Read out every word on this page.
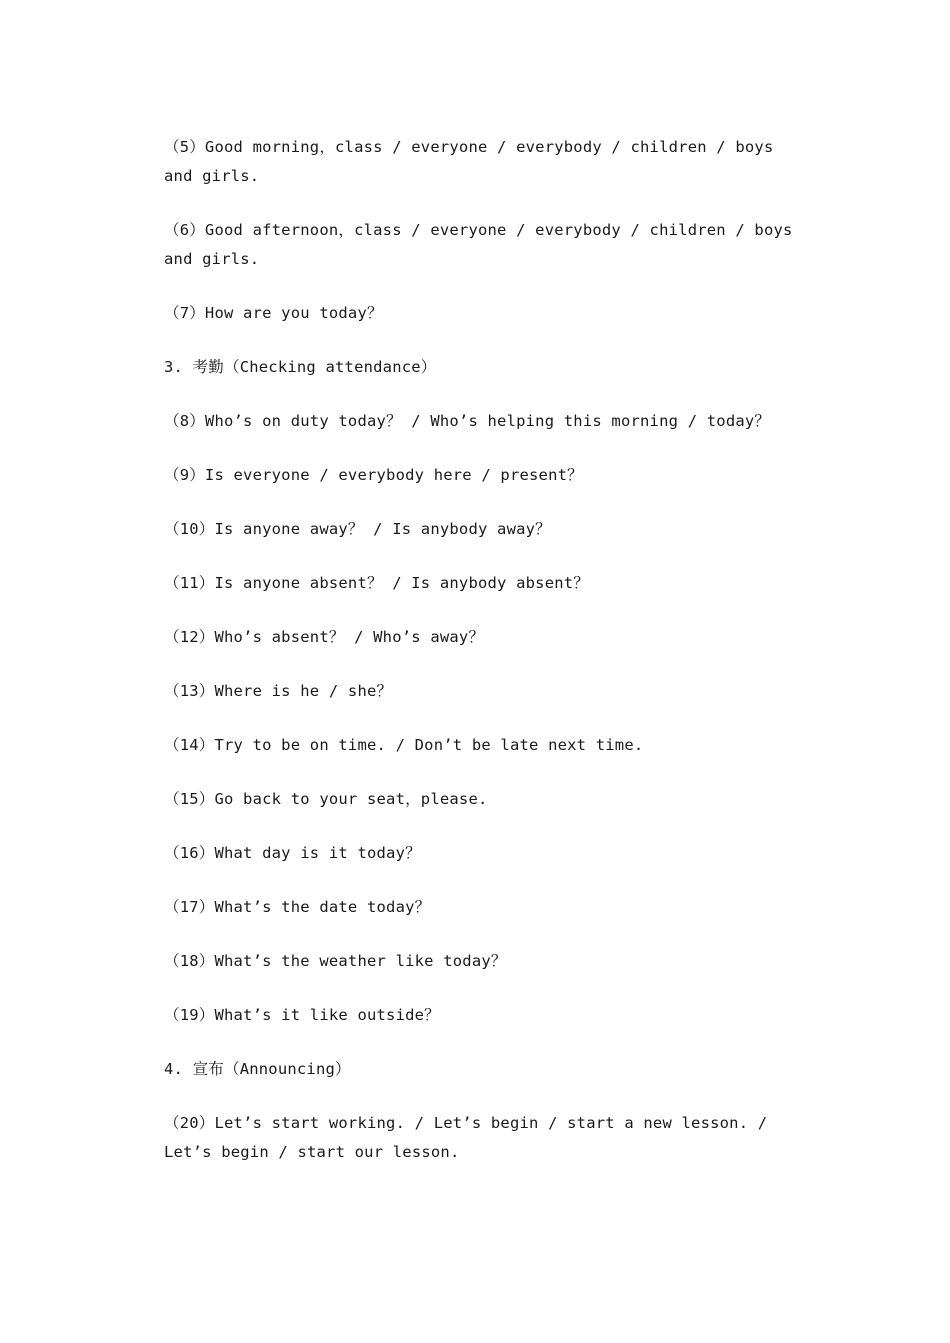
（5）Good morning，class / everyone / everybody / children / boys and girls.

（6）Good afternoon，class / everyone / everybody / children / boys and girls.

（7）How are you today？

3. 考勤（Checking attendance）

（8）Who’s on duty today？ / Who’s helping this morning / today？

（9）Is everyone / everybody here / present？

（10）Is anyone away？ / Is anybody away？

（11）Is anyone absent？ / Is anybody absent？

（12）Who’s absent？ / Who’s away？

（13）Where is he / she？

（14）Try to be on time. / Don’t be late next time.

（15）Go back to your seat，please.

（16）What day is it today？

（17）What’s the date today？

（18）What’s the weather like today？

（19）What’s it like outside？

4. 宣布（Announcing）

（20）Let’s start working. / Let’s begin / start a new lesson. / Let’s begin / start our lesson.
